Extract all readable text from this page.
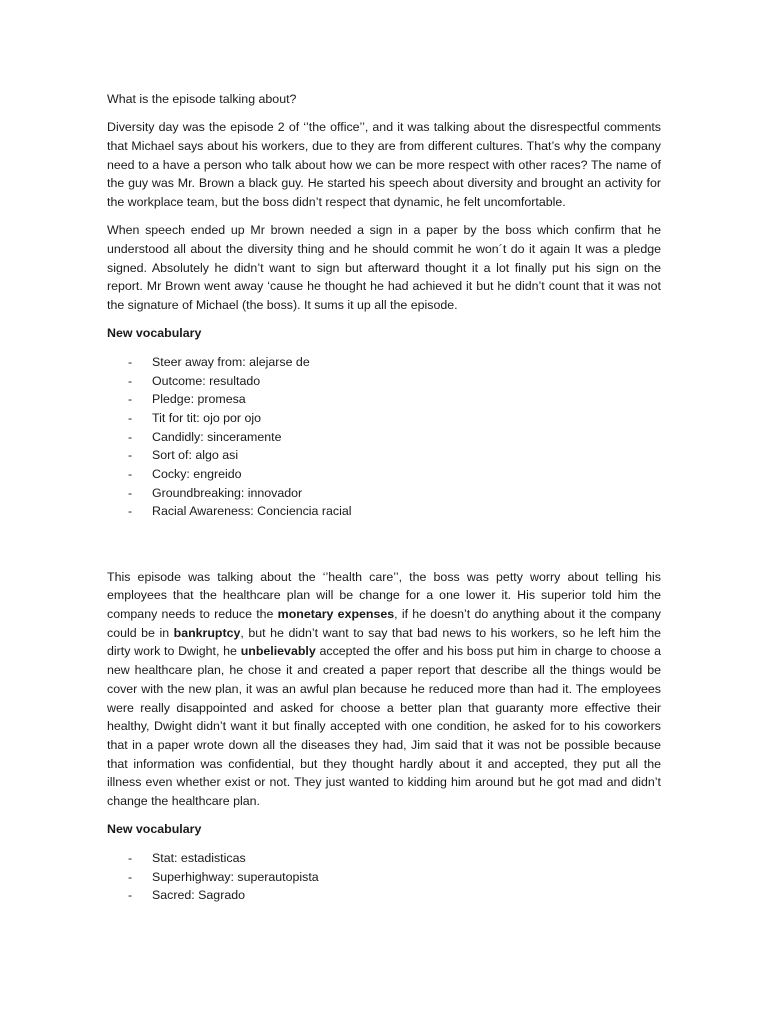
What is the episode talking about?

Diversity day was the episode 2 of ‘’the office’’, and it was talking about the disrespectful comments that Michael says about his workers, due to they are from different cultures. That’s why the company need to a have a person who talk about how we can be more respect with other races? The name of the guy was Mr. Brown a black guy. He started his speech about diversity and brought an activity for the workplace team, but the boss didn’t respect that dynamic, he felt uncomfortable.

When speech ended up Mr brown needed a sign in a paper by the boss which confirm that he understood all about the diversity thing and he should commit he won´t do it again It was a pledge signed. Absolutely he didn’t want to sign but afterward thought it a lot finally put his sign on the report. Mr Brown went away ‘cause he thought he had achieved it but he didn’t count that it was not the signature of Michael (the boss). It sums it up all the episode.

New vocabulary

- Steer away from: alejarse de
- Outcome: resultado
- Pledge: promesa
- Tit for tit: ojo por ojo
- Candidly: sinceramente
- Sort of: algo asi
- Cocky: engreido
- Groundbreaking: innovador
- Racial Awareness: Conciencia racial

This episode was talking about the ‘’health care’’, the boss was petty worry about telling his employees that the healthcare plan will be change for a one lower it. His superior told him the company needs to reduce the monetary expenses, if he doesn’t do anything about it the company could be in bankruptcy, but he didn’t want to say that bad news to his workers, so he left him the dirty work to Dwight, he unbelievably accepted the offer and his boss put him in charge to choose a new healthcare plan, he chose it and created a paper report that describe all the things would be cover with the new plan, it was an awful plan because he reduced more than had it. The employees were really disappointed and asked for choose a better plan that guaranty more effective their healthy, Dwight didn’t want it but finally accepted with one condition, he asked for to his coworkers that in a paper wrote down all the diseases they had, Jim said that it was not be possible because that information was confidential, but they thought hardly about it and accepted, they put all the illness even whether exist or not. They just wanted to kidding him around but he got mad and didn’t change the healthcare plan.

New vocabulary

- Stat: estadisticas
- Superhighway: superautopista
- Sacred: Sagrado
